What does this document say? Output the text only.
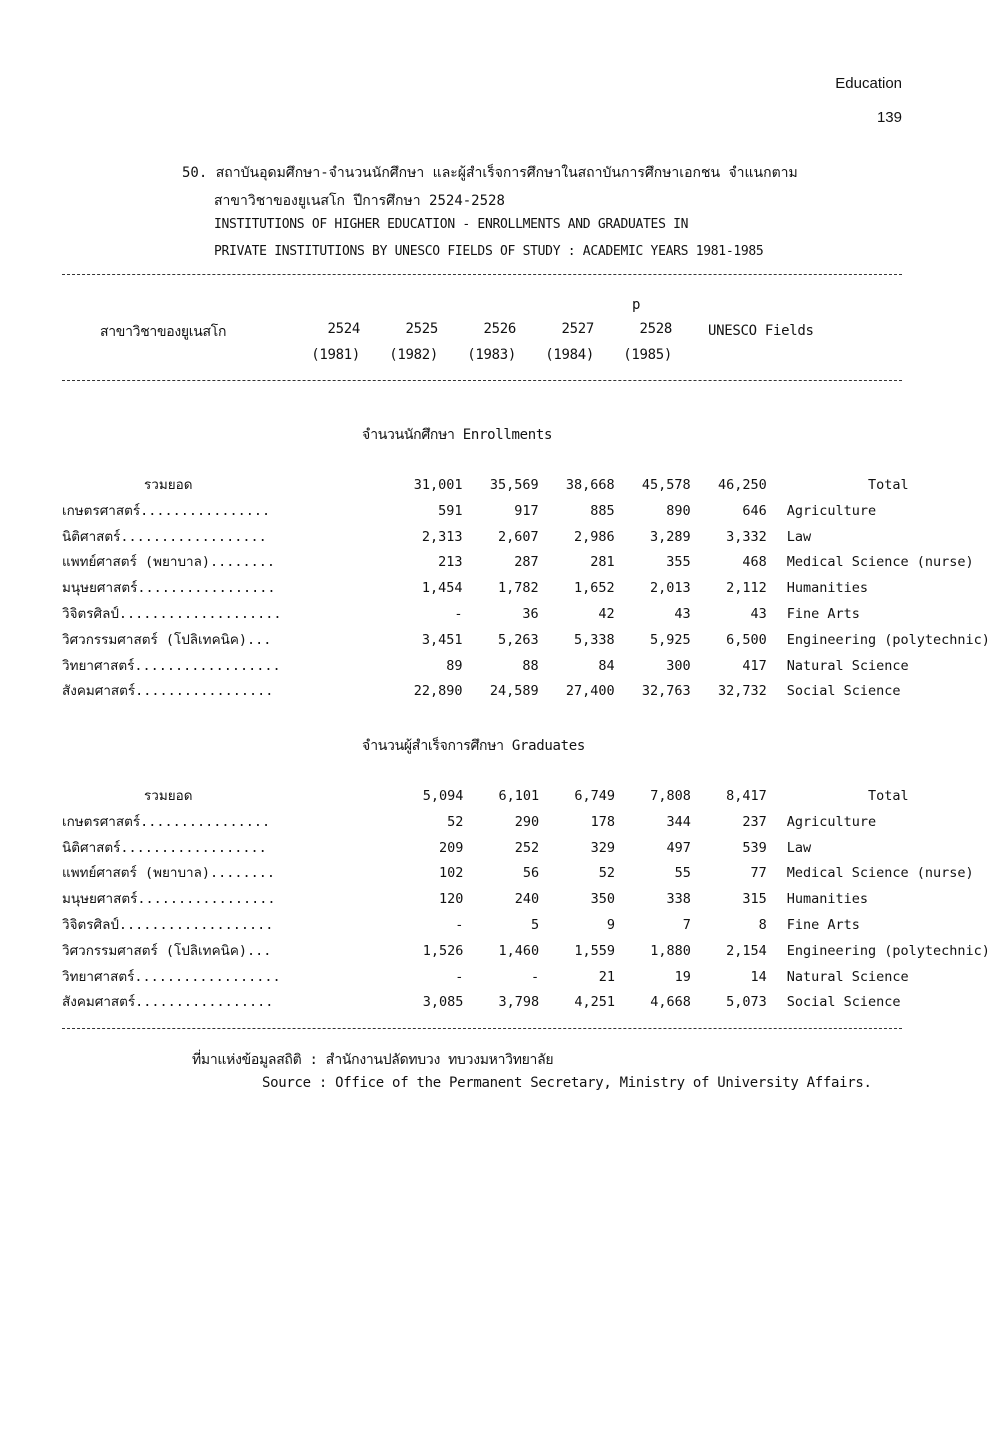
Education
139
50. สถาบันอุดมศึกษา-จำนวนนักศึกษา และผู้สำเร็จการศึกษาในสถาบันการศึกษาเอกชน จำแนกตาม
สาขาวิชาของยูเนสโก ปีการศึกษา 2524-2528
INSTITUTIONS OF HIGHER EDUCATION - ENROLLMENTS AND GRADUATES IN
PRIVATE INSTITUTIONS BY UNESCO FIELDS OF STUDY : ACADEMIC YEARS 1981-1985
สาขาวิชาของยูเนสโก
p
2524	2525	2526	2527	2528
(1981)	(1982)	(1983)	(1984)	(1985)
UNESCO Fields
จำนวนนักศึกษา Enrollments
รวมยอด	31,001	35,569	38,668	45,578	46,250	Total
เกษตรศาสตร์................	591	917	885	890	646	Agriculture
นิติศาสตร์..................	2,313	2,607	2,986	3,289	3,332	Law
แพทย์ศาสตร์ (พยาบาล)........	213	287	281	355	468	Medical Science (nurse)
มนุษยศาสตร์.................	1,454	1,782	1,652	2,013	2,112	Humanities
วิจิตรศิลป์....................	-	36	42	43	43	Fine Arts
วิศวกรรมศาสตร์ (โปลิเทคนิค)...	3,451	5,263	5,338	5,925	6,500	Engineering (polytechnic)
วิทยาศาสตร์..................	89	88	84	300	417	Natural Science
สังคมศาสตร์.................	22,890	24,589	27,400	32,763	32,732	Social Science
จำนวนผู้สำเร็จการศึกษา Graduates
รวมยอด	5,094	6,101	6,749	7,808	8,417	Total
เกษตรศาสตร์................	52	290	178	344	237	Agriculture
นิติศาสตร์..................	209	252	329	497	539	Law
แพทย์ศาสตร์ (พยาบาล)........	102	56	52	55	77	Medical Science (nurse)
มนุษยศาสตร์.................	120	240	350	338	315	Humanities
วิจิตรศิลป์...................	-	5	9	7	8	Fine Arts
วิศวกรรมศาสตร์ (โปลิเทคนิค)...	1,526	1,460	1,559	1,880	2,154	Engineering (polytechnic)
วิทยาศาสตร์..................	-	-	21	19	14	Natural Science
สังคมศาสตร์.................	3,085	3,798	4,251	4,668	5,073	Social Science
ที่มาแห่งข้อมูลสถิติ : สำนักงานปลัดทบวง ทบวงมหาวิทยาลัย
Source : Office of the Permanent Secretary, Ministry of University Affairs.
